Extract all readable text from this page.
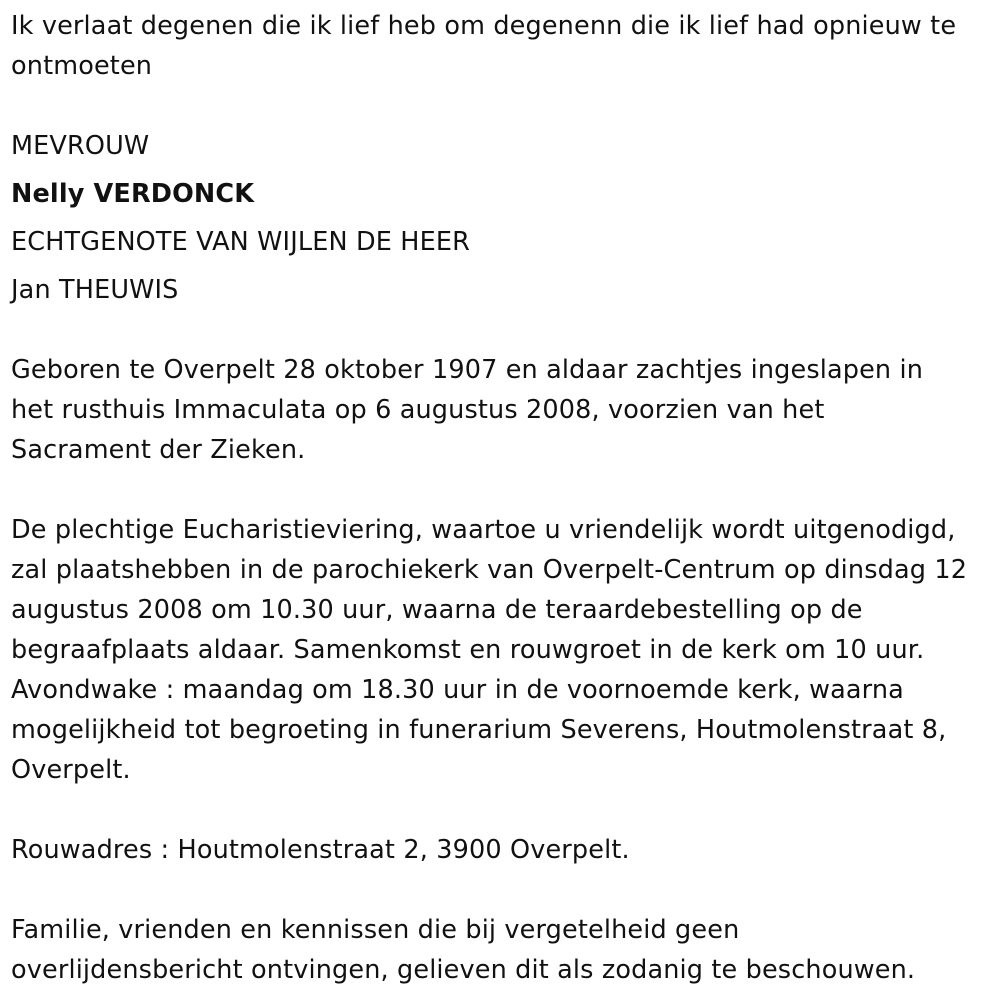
Ik verlaat degenen die ik lief heb om degenenn die ik lief had opnieuw te
ontmoeten
MEVROUW
Nelly VERDONCK
ECHTGENOTE VAN WIJLEN DE HEER
Jan THEUWIS
Geboren te Overpelt 28 oktober 1907 en aldaar zachtjes ingeslapen in
het rusthuis Immaculata op 6 augustus 2008, voorzien van het
Sacrament der Zieken.
De plechtige Eucharistieviering, waartoe u vriendelijk wordt uitgenodigd,
zal plaatshebben in de parochiekerk van Overpelt-Centrum op dinsdag 12
augustus 2008 om 10.30 uur, waarna de teraardebestelling op de
begraafplaats aldaar. Samenkomst en rouwgroet in de kerk om 10 uur.
Avondwake : maandag om 18.30 uur in de voornoemde kerk, waarna
mogelijkheid tot begroeting in funerarium Severens, Houtmolenstraat 8,
Overpelt.
Rouwadres : Houtmolenstraat 2, 3900 Overpelt.
Familie, vrienden en kennissen die bij vergetelheid geen
overlijdensbericht ontvingen, gelieven dit als zodanig te beschouwen.
